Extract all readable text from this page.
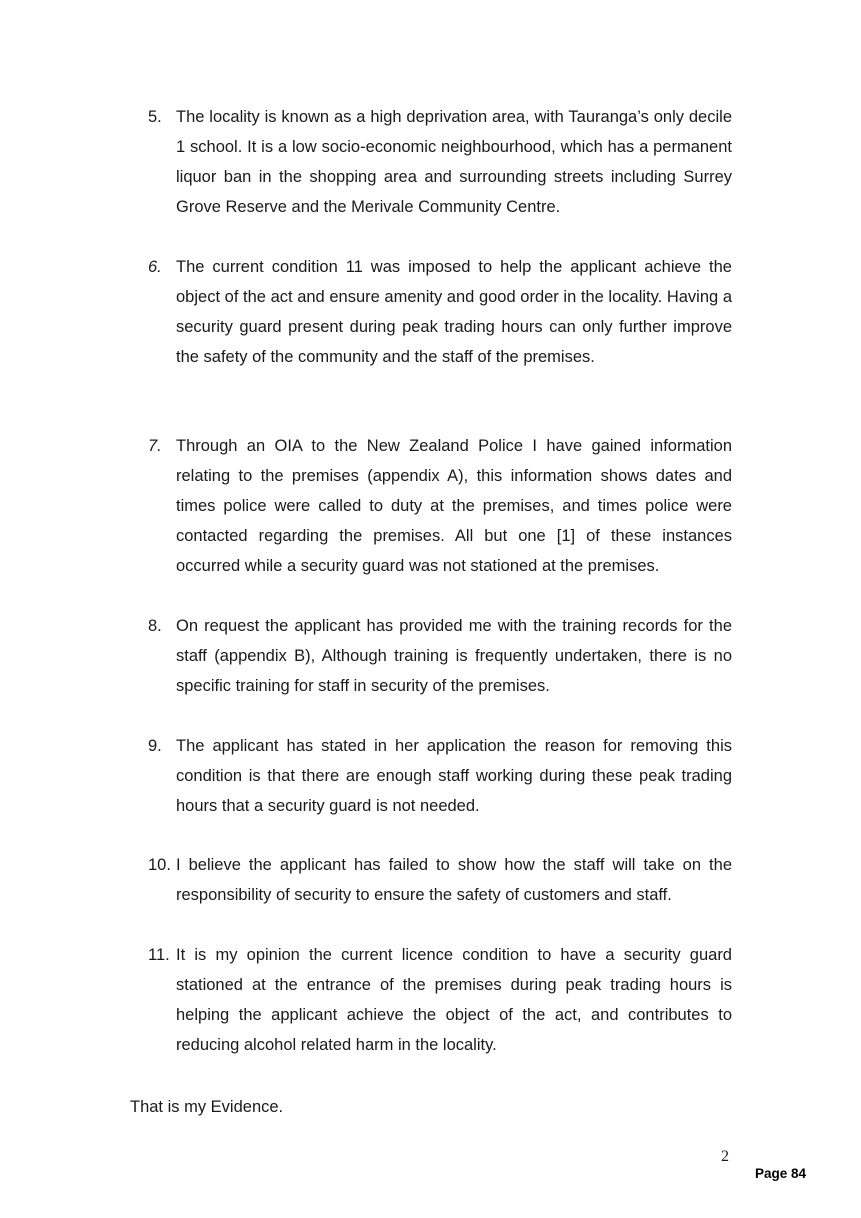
5. The locality is known as a high deprivation area, with Tauranga’s only decile 1 school. It is a low socio-economic neighbourhood, which has a permanent liquor ban in the shopping area and surrounding streets including Surrey Grove Reserve and the Merivale Community Centre.
6. The current condition 11 was imposed to help the applicant achieve the object of the act and ensure amenity and good order in the locality. Having a security guard present during peak trading hours can only further improve the safety of the community and the staff of the premises.
7. Through an OIA to the New Zealand Police I have gained information relating to the premises (appendix A), this information shows dates and times police were called to duty at the premises, and times police were contacted regarding the premises. All but one [1] of these instances occurred while a security guard was not stationed at the premises.
8. On request the applicant has provided me with the training records for the staff (appendix B), Although training is frequently undertaken, there is no specific training for staff in security of the premises.
9. The applicant has stated in her application the reason for removing this condition is that there are enough staff working during these peak trading hours that a security guard is not needed.
10. I believe the applicant has failed to show how the staff will take on the responsibility of security to ensure the safety of customers and staff.
11. It is my opinion the current licence condition to have a security guard stationed at the entrance of the premises during peak trading hours is helping the applicant achieve the object of the act, and contributes to reducing alcohol related harm in the locality.
That is my Evidence.
2
Page 84
